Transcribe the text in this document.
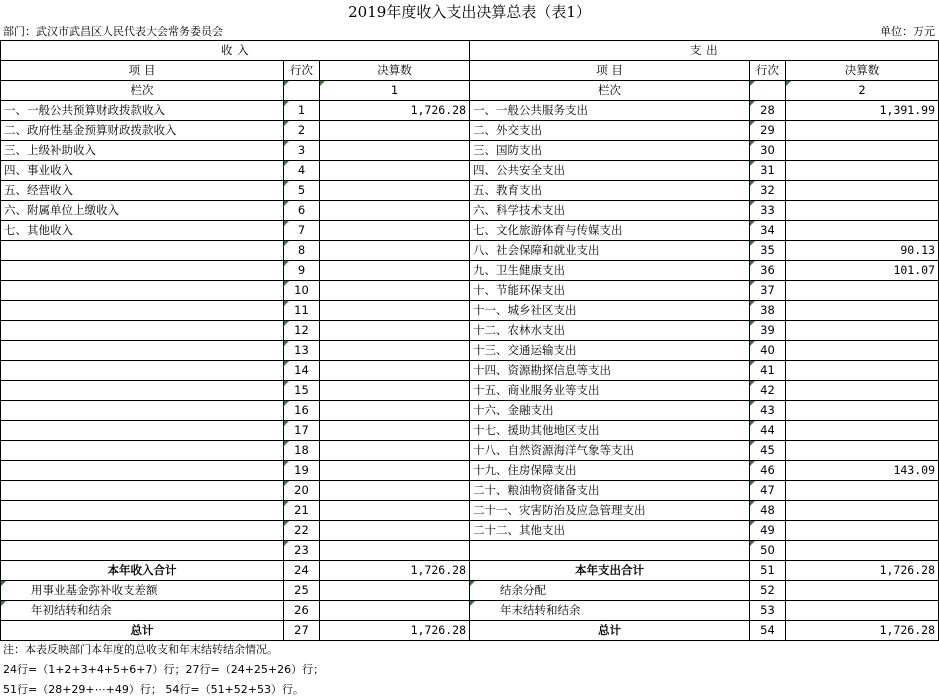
2019年度收入支出决算总表（表1）
部门：武汉市武昌区人民代表大会常务委员会	单位：万元
收 入			支 出		
项 目	行次	决算数	项 目	行次	决算数
栏次		1	栏次		2
一、一般公共预算财政拨款收入	1	1,726.28	一、一般公共服务支出	28	1,391.99
二、政府性基金预算财政拨款收入	2		二、外交支出	29	
三、上级补助收入	3		三、国防支出	30	
四、事业收入	4		四、公共安全支出	31	
五、经营收入	5		五、教育支出	32	
六、附属单位上缴收入	6		六、科学技术支出	33	
七、其他收入	7		七、文化旅游体育与传媒支出	34	
	8		八、社会保障和就业支出	35	90.13
	9		九、卫生健康支出	36	101.07
	10		十、节能环保支出	37	
	11		十一、城乡社区支出	38	
	12		十二、农林水支出	39	
	13		十三、交通运输支出	40	
	14		十四、资源勘探信息等支出	41	
	15		十五、商业服务业等支出	42	
	16		十六、金融支出	43	
	17		十七、援助其他地区支出	44	
	18		十八、自然资源海洋气象等支出	45	
	19		十九、住房保障支出	46	143.09
	20		二十、粮油物资储备支出	47	
	21		二十一、灾害防治及应急管理支出	48	
	22		二十二、其他支出	49	
	23			50	
本年收入合计	24	1,726.28	本年支出合计	51	1,726.28
用事业基金弥补收支差额	25		结余分配	52	
年初结转和结余	26		年末结转和结余	53	
总计	27	1,726.28	总计	54	1,726.28
注：本表反映部门本年度的总收支和年末结转结余情况。
24行=（1+2+3+4+5+6+7）行；27行=（24+25+26）行；
51行=（28+29+⋯+49）行； 54行=（51+52+53）行。
